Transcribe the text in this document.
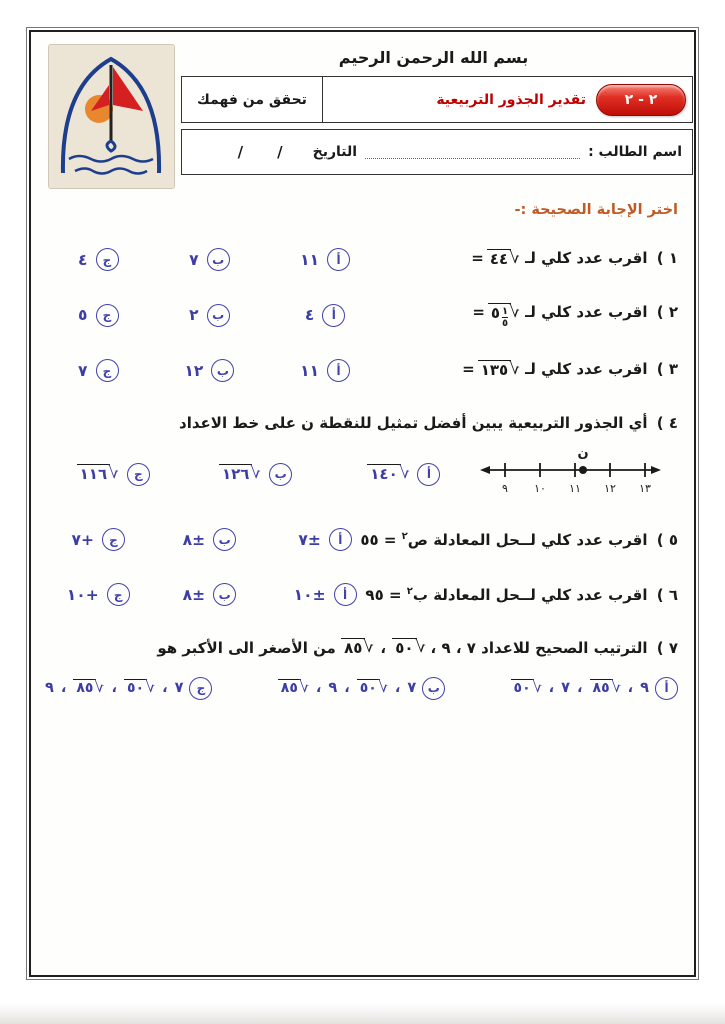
بسم الله الرحمن الرحيم
تحقق من فهمك	٢ - ٢
تقدير الجذور التربيعية
اسم الطالب :
التاريخ
/
/
اختر الإجابة الصحيحة :-
١ ) اقرب عدد كلي لـ
= ٤٤ √
أ
١١
ب
٧
ج
٤
٢ ) اقرب عدد كلي لـ
= ٥ $\frac{١}{٥}$ √
أ
٤
ب
٢
ج
٥
٣ ) اقرب عدد كلي لـ
= ١٣٥ √
أ
١١
ب
١٢
ج
٧
٤ ) أي الجذور التربيعية يبين أفضل تمثيل للنقطة ن على خط الاعداد
ن
٩ ١٠ ١١ ١٢ ١٣
أ
١٤٠ √
ب
١٢٦ √
ج
١١٦ √
٥ ) اقرب عدد كلي لــحل المعادلة ص$^٢$ = ٥٥
أ
±٧
ب
±٨
ج
+٧
٦ ) اقرب عدد كلي لــحل المعادلة ب$^٢$ = ٩٥
أ
±١٠
ب
±٨
ج
+١٠
٧ ) الترتيب الصحيح للاعداد ٧ ، ٩ ،
٥٠ √
،
٨٥ √
من الأصغر الى الأكبر هو
أ
٩
،
٨٥ √
،
٧
،
٥٠ √
ب
٧
،
٥٠ √
،
٩
،
٨٥ √
ج
٧
،
٥٠ √
،
٨٥ √
،
٩
